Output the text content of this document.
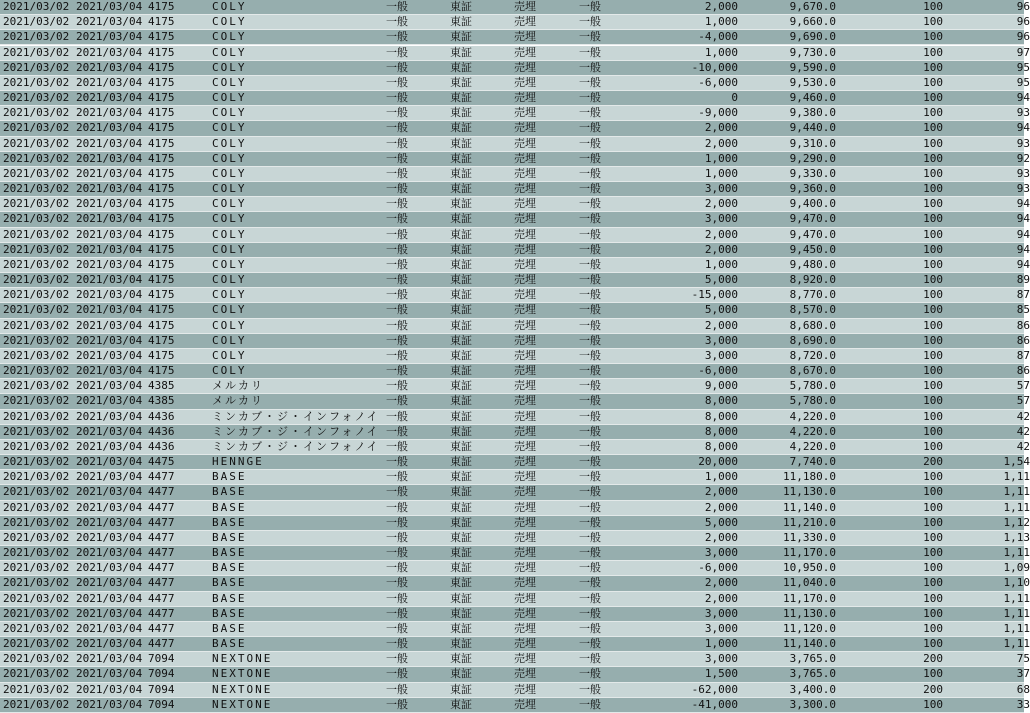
2021/03/02 2021/03/04 4175	COLY	一般	東証	売埋	一般	2,000	9,670.0	100	96
2021/03/02 2021/03/04 4175	COLY	一般	東証	売埋	一般	1,000	9,660.0	100	96
2021/03/02 2021/03/04 4175	COLY	一般	東証	売埋	一般	-4,000	9,690.0	100	96
2021/03/02 2021/03/04 4175	COLY	一般	東証	売埋	一般	1,000	9,730.0	100	97
2021/03/02 2021/03/04 4175	COLY	一般	東証	売埋	一般	-10,000	9,590.0	100	95
2021/03/02 2021/03/04 4175	COLY	一般	東証	売埋	一般	-6,000	9,530.0	100	95
2021/03/02 2021/03/04 4175	COLY	一般	東証	売埋	一般	0	9,460.0	100	94
2021/03/02 2021/03/04 4175	COLY	一般	東証	売埋	一般	-9,000	9,380.0	100	93
2021/03/02 2021/03/04 4175	COLY	一般	東証	売埋	一般	2,000	9,440.0	100	94
2021/03/02 2021/03/04 4175	COLY	一般	東証	売埋	一般	2,000	9,310.0	100	93
2021/03/02 2021/03/04 4175	COLY	一般	東証	売埋	一般	1,000	9,290.0	100	92
2021/03/02 2021/03/04 4175	COLY	一般	東証	売埋	一般	1,000	9,330.0	100	93
2021/03/02 2021/03/04 4175	COLY	一般	東証	売埋	一般	3,000	9,360.0	100	93
2021/03/02 2021/03/04 4175	COLY	一般	東証	売埋	一般	2,000	9,400.0	100	94
2021/03/02 2021/03/04 4175	COLY	一般	東証	売埋	一般	3,000	9,470.0	100	94
2021/03/02 2021/03/04 4175	COLY	一般	東証	売埋	一般	2,000	9,470.0	100	94
2021/03/02 2021/03/04 4175	COLY	一般	東証	売埋	一般	2,000	9,450.0	100	94
2021/03/02 2021/03/04 4175	COLY	一般	東証	売埋	一般	1,000	9,480.0	100	94
2021/03/02 2021/03/04 4175	COLY	一般	東証	売埋	一般	5,000	8,920.0	100	89
2021/03/02 2021/03/04 4175	COLY	一般	東証	売埋	一般	-15,000	8,770.0	100	87
2021/03/02 2021/03/04 4175	COLY	一般	東証	売埋	一般	5,000	8,570.0	100	85
2021/03/02 2021/03/04 4175	COLY	一般	東証	売埋	一般	2,000	8,680.0	100	86
2021/03/02 2021/03/04 4175	COLY	一般	東証	売埋	一般	3,000	8,690.0	100	86
2021/03/02 2021/03/04 4175	COLY	一般	東証	売埋	一般	3,000	8,720.0	100	87
2021/03/02 2021/03/04 4175	COLY	一般	東証	売埋	一般	-6,000	8,670.0	100	86
2021/03/02 2021/03/04 4385	メルカリ	一般	東証	売埋	一般	9,000	5,780.0	100	57
2021/03/02 2021/03/04 4385	メルカリ	一般	東証	売埋	一般	8,000	5,780.0	100	57
2021/03/02 2021/03/04 4436	ミンカブ・ジ・インフォノイ 一般	東証	売埋	一般	8,000	4,220.0	100	42
2021/03/02 2021/03/04 4436	ミンカブ・ジ・インフォノイ 一般	東証	売埋	一般	8,000	4,220.0	100	42
2021/03/02 2021/03/04 4436	ミンカブ・ジ・インフォノイ 一般	東証	売埋	一般	8,000	4,220.0	100	42
2021/03/02 2021/03/04 4475	HENNGE	一般	東証	売埋	一般	20,000	7,740.0	200	1,54
2021/03/02 2021/03/04 4477	BASE	一般	東証	売埋	一般	1,000	11,180.0	100	1,11
2021/03/02 2021/03/04 4477	BASE	一般	東証	売埋	一般	2,000	11,130.0	100	1,11
2021/03/02 2021/03/04 4477	BASE	一般	東証	売埋	一般	2,000	11,140.0	100	1,11
2021/03/02 2021/03/04 4477	BASE	一般	東証	売埋	一般	5,000	11,210.0	100	1,12
2021/03/02 2021/03/04 4477	BASE	一般	東証	売埋	一般	2,000	11,330.0	100	1,13
2021/03/02 2021/03/04 4477	BASE	一般	東証	売埋	一般	3,000	11,170.0	100	1,11
2021/03/02 2021/03/04 4477	BASE	一般	東証	売埋	一般	-6,000	10,950.0	100	1,09
2021/03/02 2021/03/04 4477	BASE	一般	東証	売埋	一般	2,000	11,040.0	100	1,10
2021/03/02 2021/03/04 4477	BASE	一般	東証	売埋	一般	2,000	11,170.0	100	1,11
2021/03/02 2021/03/04 4477	BASE	一般	東証	売埋	一般	3,000	11,130.0	100	1,11
2021/03/02 2021/03/04 4477	BASE	一般	東証	売埋	一般	3,000	11,120.0	100	1,11
2021/03/02 2021/03/04 4477	BASE	一般	東証	売埋	一般	1,000	11,140.0	100	1,11
2021/03/02 2021/03/04 7094	NEXTONE	一般	東証	売埋	一般	3,000	3,765.0	200	75
2021/03/02 2021/03/04 7094	NEXTONE	一般	東証	売埋	一般	1,500	3,765.0	100	37
2021/03/02 2021/03/04 7094	NEXTONE	一般	東証	売埋	一般	-62,000	3,400.0	200	68
2021/03/02 2021/03/04 7094	NEXTONE	一般	東証	売埋	一般	-41,000	3,300.0	100	33
